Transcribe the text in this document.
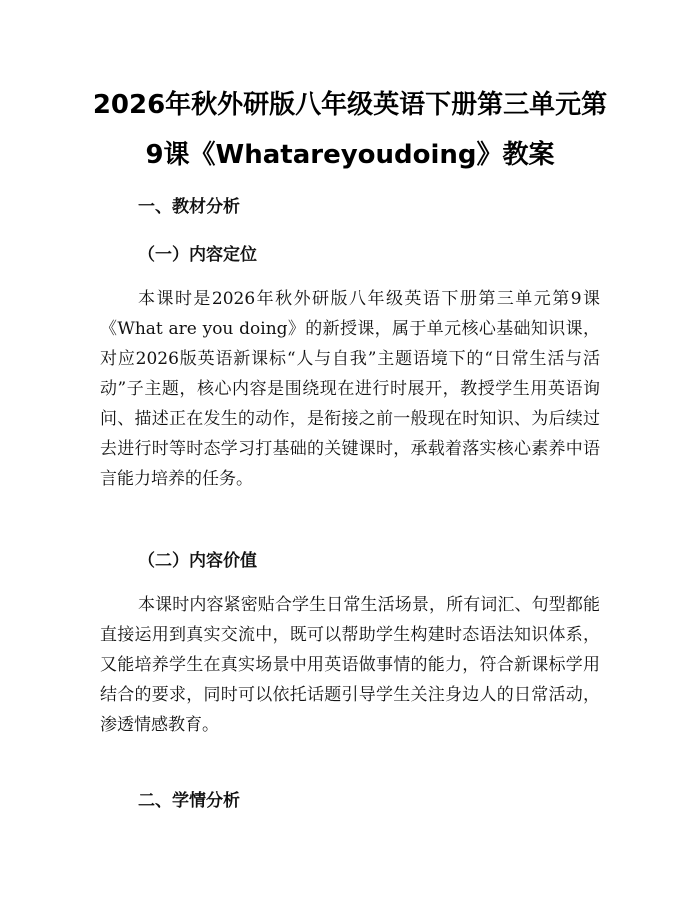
2026年秋外研版八年级英语下册第三单元第
9课《Whatareyoudoing》教案
一、教材分析
（一）内容定位

本课时是2026年秋外研版八年级英语下册第三单元第9课《What are you doing》的新授课，属于单元核心基础知识课，对应2026版英语新课标“人与自我”主题语境下的“日常生活与活动”子主题，核心内容是围绕现在进行时展开，教授学生用英语询问、描述正在发生的动作，是衔接之前一般现在时知识、为后续过去进行时等时态学习打基础的关键课时，承载着落实核心素养中语言能力培养的任务。

（二）内容价值

本课时内容紧密贴合学生日常生活场景，所有词汇、句型都能直接运用到真实交流中，既可以帮助学生构建时态语法知识体系，又能培养学生在真实场景中用英语做事情的能力，符合新课标学用结合的要求，同时可以依托话题引导学生关注身边人的日常活动，渗透情感教育。

二、学情分析
